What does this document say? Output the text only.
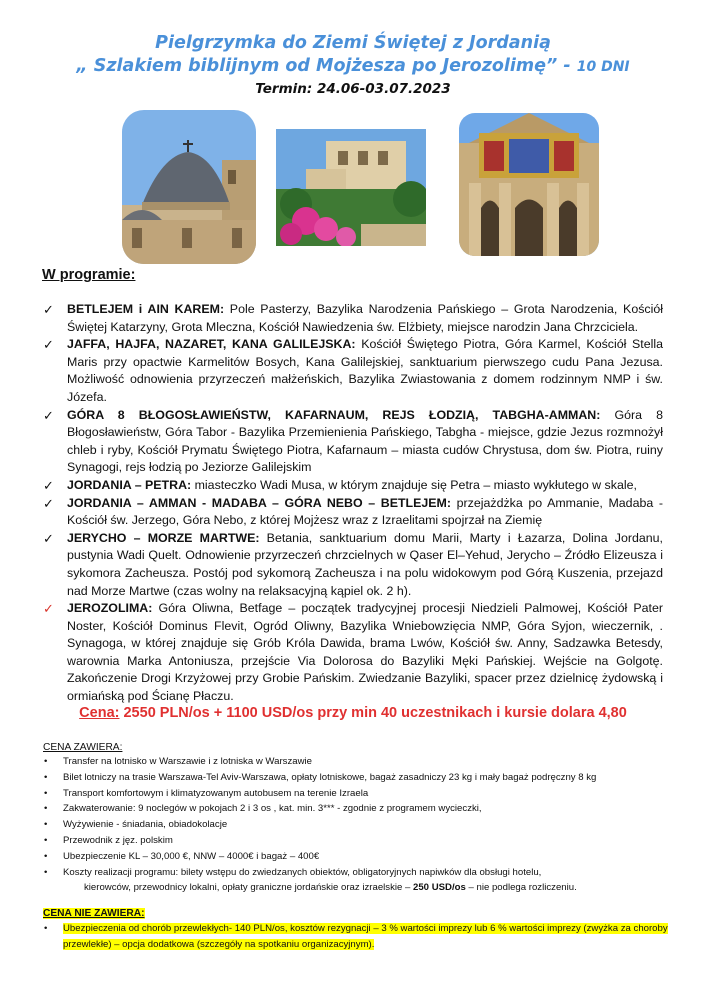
Pielgrzymka do Ziemi Świętej z Jordanią
„ Szlakiem biblijnym od Mojżesza po Jerozolimę” - 10 DNI
Termin: 24.06-03.07.2023
W programie:
✓ BETLEJEM i AIN KAREM: Pole Pasterzy, Bazylika Narodzenia Pańskiego – Grota Narodzenia, Kościół Świętej Katarzyny, Grota Mleczna, Kościół Nawiedzenia św. Elżbiety, miejsce narodzin Jana Chrzciciela.
✓ JAFFA, HAJFA, NAZARET, KANA GALILEJSKA: Kościół Świętego Piotra, Góra Karmel, Kościół Stella Maris przy opactwie Karmelitów Bosych, Kana Galilejskiej, sanktuarium pierwszego cudu Pana Jezusa. Możliwość odnowienia przyrzeczeń małżeńskich, Bazylika Zwiastowania z domem rodzinnym NMP i św. Józefa.
✓ GÓRA 8 BŁOGOSŁAWIEŃSTW, KAFARNAUM, REJS ŁODZIĄ, TABGHA-AMMAN: Góra 8 Błogosławieństw, Góra Tabor - Bazylika Przemienienia Pańskiego, Tabgha - miejsce, gdzie Jezus rozmnożył chleb i ryby, Kościół Prymatu Świętego Piotra, Kafarnaum – miasta cudów Chrystusa, dom św. Piotra, ruiny Synagogi, rejs łodzią po Jeziorze Galilejskim
✓ JORDANIA – PETRA: miasteczko Wadi Musa, w którym znajduje się Petra – miasto wykłutego w skale,
✓ JORDANIA – AMMAN - MADABA – GÓRA NEBO – BETLEJEM: przejażdżka po Ammanie, Madaba - Kościół św. Jerzego, Góra Nebo, z której Mojżesz wraz z Izraelitami spojrzał na Ziemię
✓ JERYCHO – MORZE MARTWE: Betania, sanktuarium domu Marii, Marty i Łazarza, Dolina Jordanu, pustynia Wadi Quelt. Odnowienie przyrzeczeń chrzcielnych w Qaser El–Yehud, Jerycho – Źródło Elizeusza i sykomora Zacheusza. Postój pod sykomorą Zacheusza i na polu widokowym pod Górą Kuszenia, przejazd nad Morze Martwe (czas wolny na relaksacyjną kąpiel ok. 2 h).
✓ JEROZOLIMA: Góra Oliwna, Betfage – początek tradycyjnej procesji Niedzieli Palmowej, Kościół Pater Noster, Kościół Dominus Flevit, Ogród Oliwny, Bazylika Wniebowzięcia NMP, Góra Syjon, wieczernik, . Synagoga, w której znajduje się Grób Króla Dawida, brama Lwów, Kościół św. Anny, Sadzawka Betesdy, warownia Marka Antoniusza, przejście Via Dolorosa do Bazyliki Męki Pańskiej. Wejście na Golgotę. Zakończenie Drogi Krzyżowej przy Grobie Pańskim. Zwiedzanie Bazyliki, spacer przez dzielnicę żydowską i ormiańską pod Ścianę Płaczu.
Cena: 2550 PLN/os + 1100 USD/os przy min 40 uczestnikach i kursie dolara 4,80
CENA ZAWIERA:
• Transfer na lotnisko w Warszawie i z lotniska w Warszawie
• Bilet lotniczy na trasie Warszawa-Tel Aviv-Warszawa, opłaty lotniskowe, bagaż zasadniczy 23 kg i mały bagaż podręczny 8 kg
• Transport komfortowym i klimatyzowanym autobusem na terenie Izraela
• Zakwaterowanie: 9 noclegów w pokojach 2 i 3 os , kat. min. 3*** - zgodnie z programem wycieczki,
• Wyżywienie - śniadania, obiadokolacje
• Przewodnik z jęz. polskim
• Ubezpieczenie KL – 30,000 €, NNW – 4000€ i bagaż – 400€
• Koszty realizacji programu: bilety wstępu do zwiedzanych obiektów, obligatoryjnych napiwków dla obsługi hotelu,
kierowców, przewodnicy lokalni, opłaty graniczne jordańskie oraz izraelskie – 250 USD/os – nie podlega rozliczeniu.
CENA NIE ZAWIERA:
• Ubezpieczenia od chorób przewlekłych- 140 PLN/os, kosztów rezygnacji – 3 % wartości imprezy lub 6 % wartości imprezy (zwyżka za choroby przewlekłe) – opcja dodatkowa (szczegóły na spotkaniu organizacyjnym).
